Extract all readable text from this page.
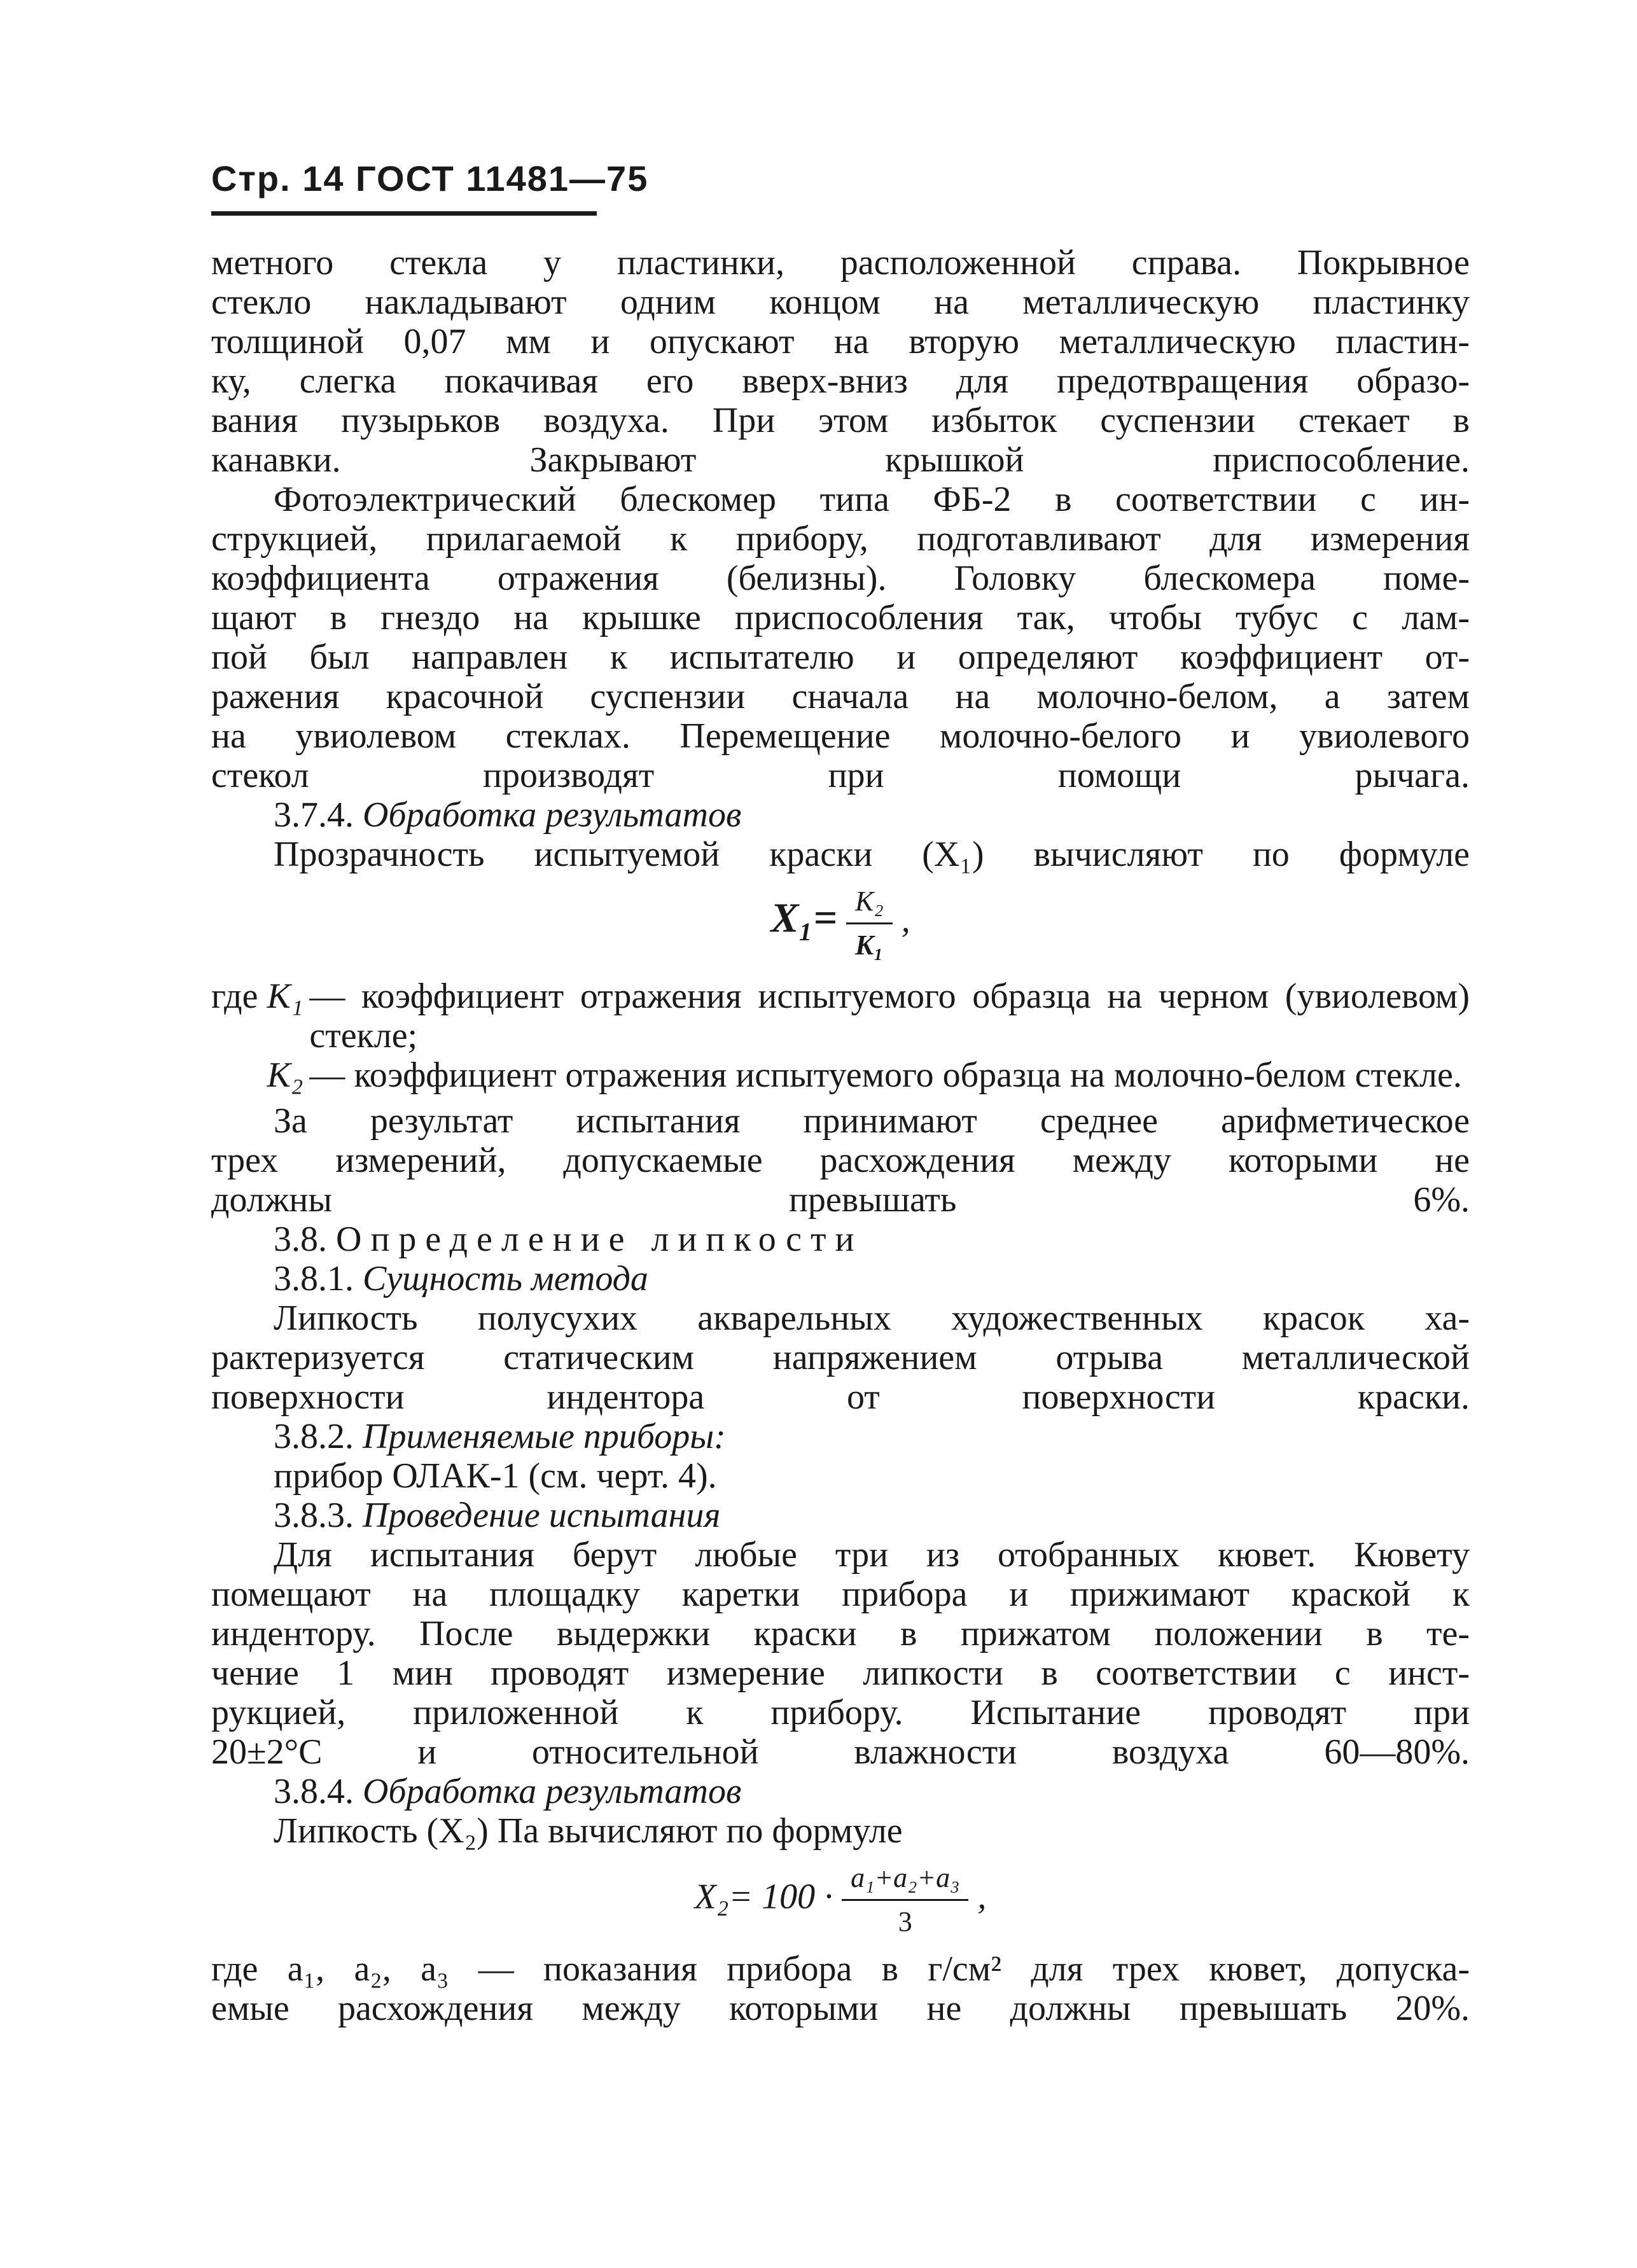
Стр. 14 ГОСТ 11481—75
метного стекла у пластинки, расположенной справа. Покрывное
стекло накладывают одним концом на металлическую пластинку
толщиной 0,07 мм и опускают на вторую металлическую пластин-
ку, слегка покачивая его вверх-вниз для предотвращения образо-
вания пузырьков воздуха. При этом избыток суспензии стекает в
канавки. Закрывают крышкой приспособление.
Фотоэлектрический блескомер типа ФБ-2 в соответствии с ин-
струкцией, прилагаемой к прибору, подготавливают для измерения
коэффициента отражения (белизны). Головку блескомера поме-
щают в гнездо на крышке приспособления так, чтобы тубус с лам-
пой был направлен к испытателю и определяют коэффициент от-
ражения красочной суспензии сначала на молочно-белом, а затем
на увиолевом стеклах. Перемещение молочно-белого и увиолевого
стекол производят при помощи рычага.
3.7.4. Обработка результатов
Прозрачность испытуемой краски (X₁) вычисляют по формуле
$X_1= \frac{\text{K₂}}{\text{K₁}}$ ,
где K₁ — коэффициент отражения испытуемого образца на черном (увиолевом) стекле;
K₂ — коэффициент отражения испытуемого образца на молочно-белом стекле.
За результат испытания принимают среднее арифметическое
трех измерений, допускаемые расхождения между которыми не
должны превышать 6%.
3.8. Определение липкости
3.8.1. Сущность метода
Липкость полусухих акварельных художественных красок ха-
рактеризуется статическим напряжением отрыва металлической
поверхности индентора от поверхности краски.
3.8.2. Применяемые приборы:
прибор ОЛАК-1 (см. черт. 4).
3.8.3. Проведение испытания
Для испытания берут любые три из отобранных кювет. Кювету
помещают на площадку каретки прибора и прижимают краской к
индентору. После выдержки краски в прижатом положении в те-
чение 1 мин проводят измерение липкости в соответствии с инст-
рукцией, приложенной к прибору. Испытание проводят при
20±2°С и относительной влажности воздуха 60—80%.
3.8.4. Обработка результатов
Липкость (X₂) Па вычисляют по формуле
$X_2= 100 \cdot \frac{\text{a₁+a₂+a₃}}{3}$ ,
где a₁, a₂, a₃ — показания прибора в г/см² для трех кювет, допуска-
емые расхождения между которыми не должны превышать 20%.
